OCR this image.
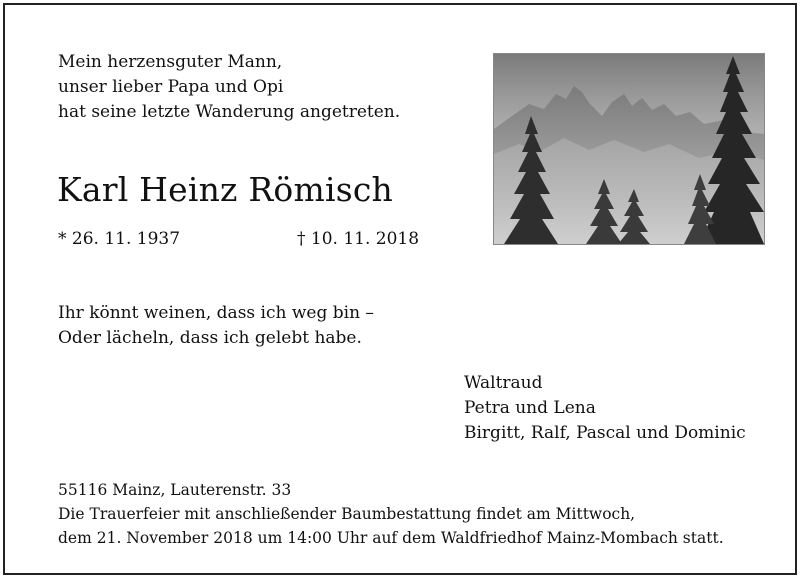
Mein herzensguter Mann,
unser lieber Papa und Opi
hat seine letzte Wanderung angetreten.
Karl Heinz Römisch
* 26. 11. 1937	† 10. 11. 2018
Ihr könnt weinen, dass ich weg bin –
Oder lächeln, dass ich gelebt habe.
Waltraud
Petra und Lena
Birgitt, Ralf, Pascal und Dominic
55116 Mainz, Lauterenstr. 33
Die Trauerfeier mit anschließender Baumbestattung findet am Mittwoch,
dem 21. November 2018 um 14:00 Uhr auf dem Waldfriedhof Mainz-Mombach statt.
